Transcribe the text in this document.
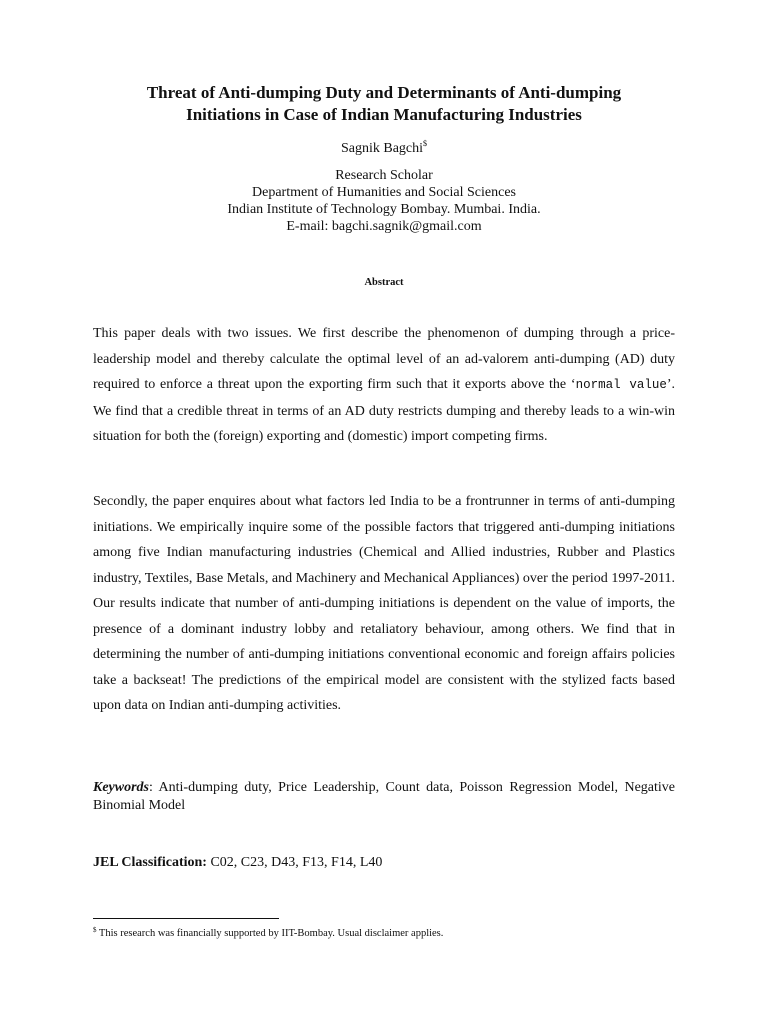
Threat of Anti-dumping Duty and Determinants of Anti-dumping
Initiations in Case of Indian Manufacturing Industries
Sagnik Bagchi$
Research Scholar
Department of Humanities and Social Sciences
Indian Institute of Technology Bombay. Mumbai. India.
E-mail: bagchi.sagnik@gmail.com
Abstract

This paper deals with two issues. We first describe the phenomenon of dumping through a price-leadership model and thereby calculate the optimal level of an ad-valorem anti-dumping (AD) duty required to enforce a threat upon the exporting firm such that it exports above the ‘normal value’. We find that a credible threat in terms of an AD duty restricts dumping and thereby leads to a win-win situation for both the (foreign) exporting and (domestic) import competing firms.

Secondly, the paper enquires about what factors led India to be a frontrunner in terms of anti-dumping initiations. We empirically inquire some of the possible factors that triggered anti-dumping initiations among five Indian manufacturing industries (Chemical and Allied industries, Rubber and Plastics industry, Textiles, Base Metals, and Machinery and Mechanical Appliances) over the period 1997-2011. Our results indicate that number of anti-dumping initiations is dependent on the value of imports, the presence of a dominant industry lobby and retaliatory behaviour, among others. We find that in determining the number of anti-dumping initiations conventional economic and foreign affairs policies take a backseat! The predictions of the empirical model are consistent with the stylized facts based upon data on Indian anti-dumping activities.

Keywords: Anti-dumping duty, Price Leadership, Count data, Poisson Regression Model, Negative Binomial Model
JEL Classification: C02, C23, D43, F13, F14, L40
$ This research was financially supported by IIT-Bombay. Usual disclaimer applies.
